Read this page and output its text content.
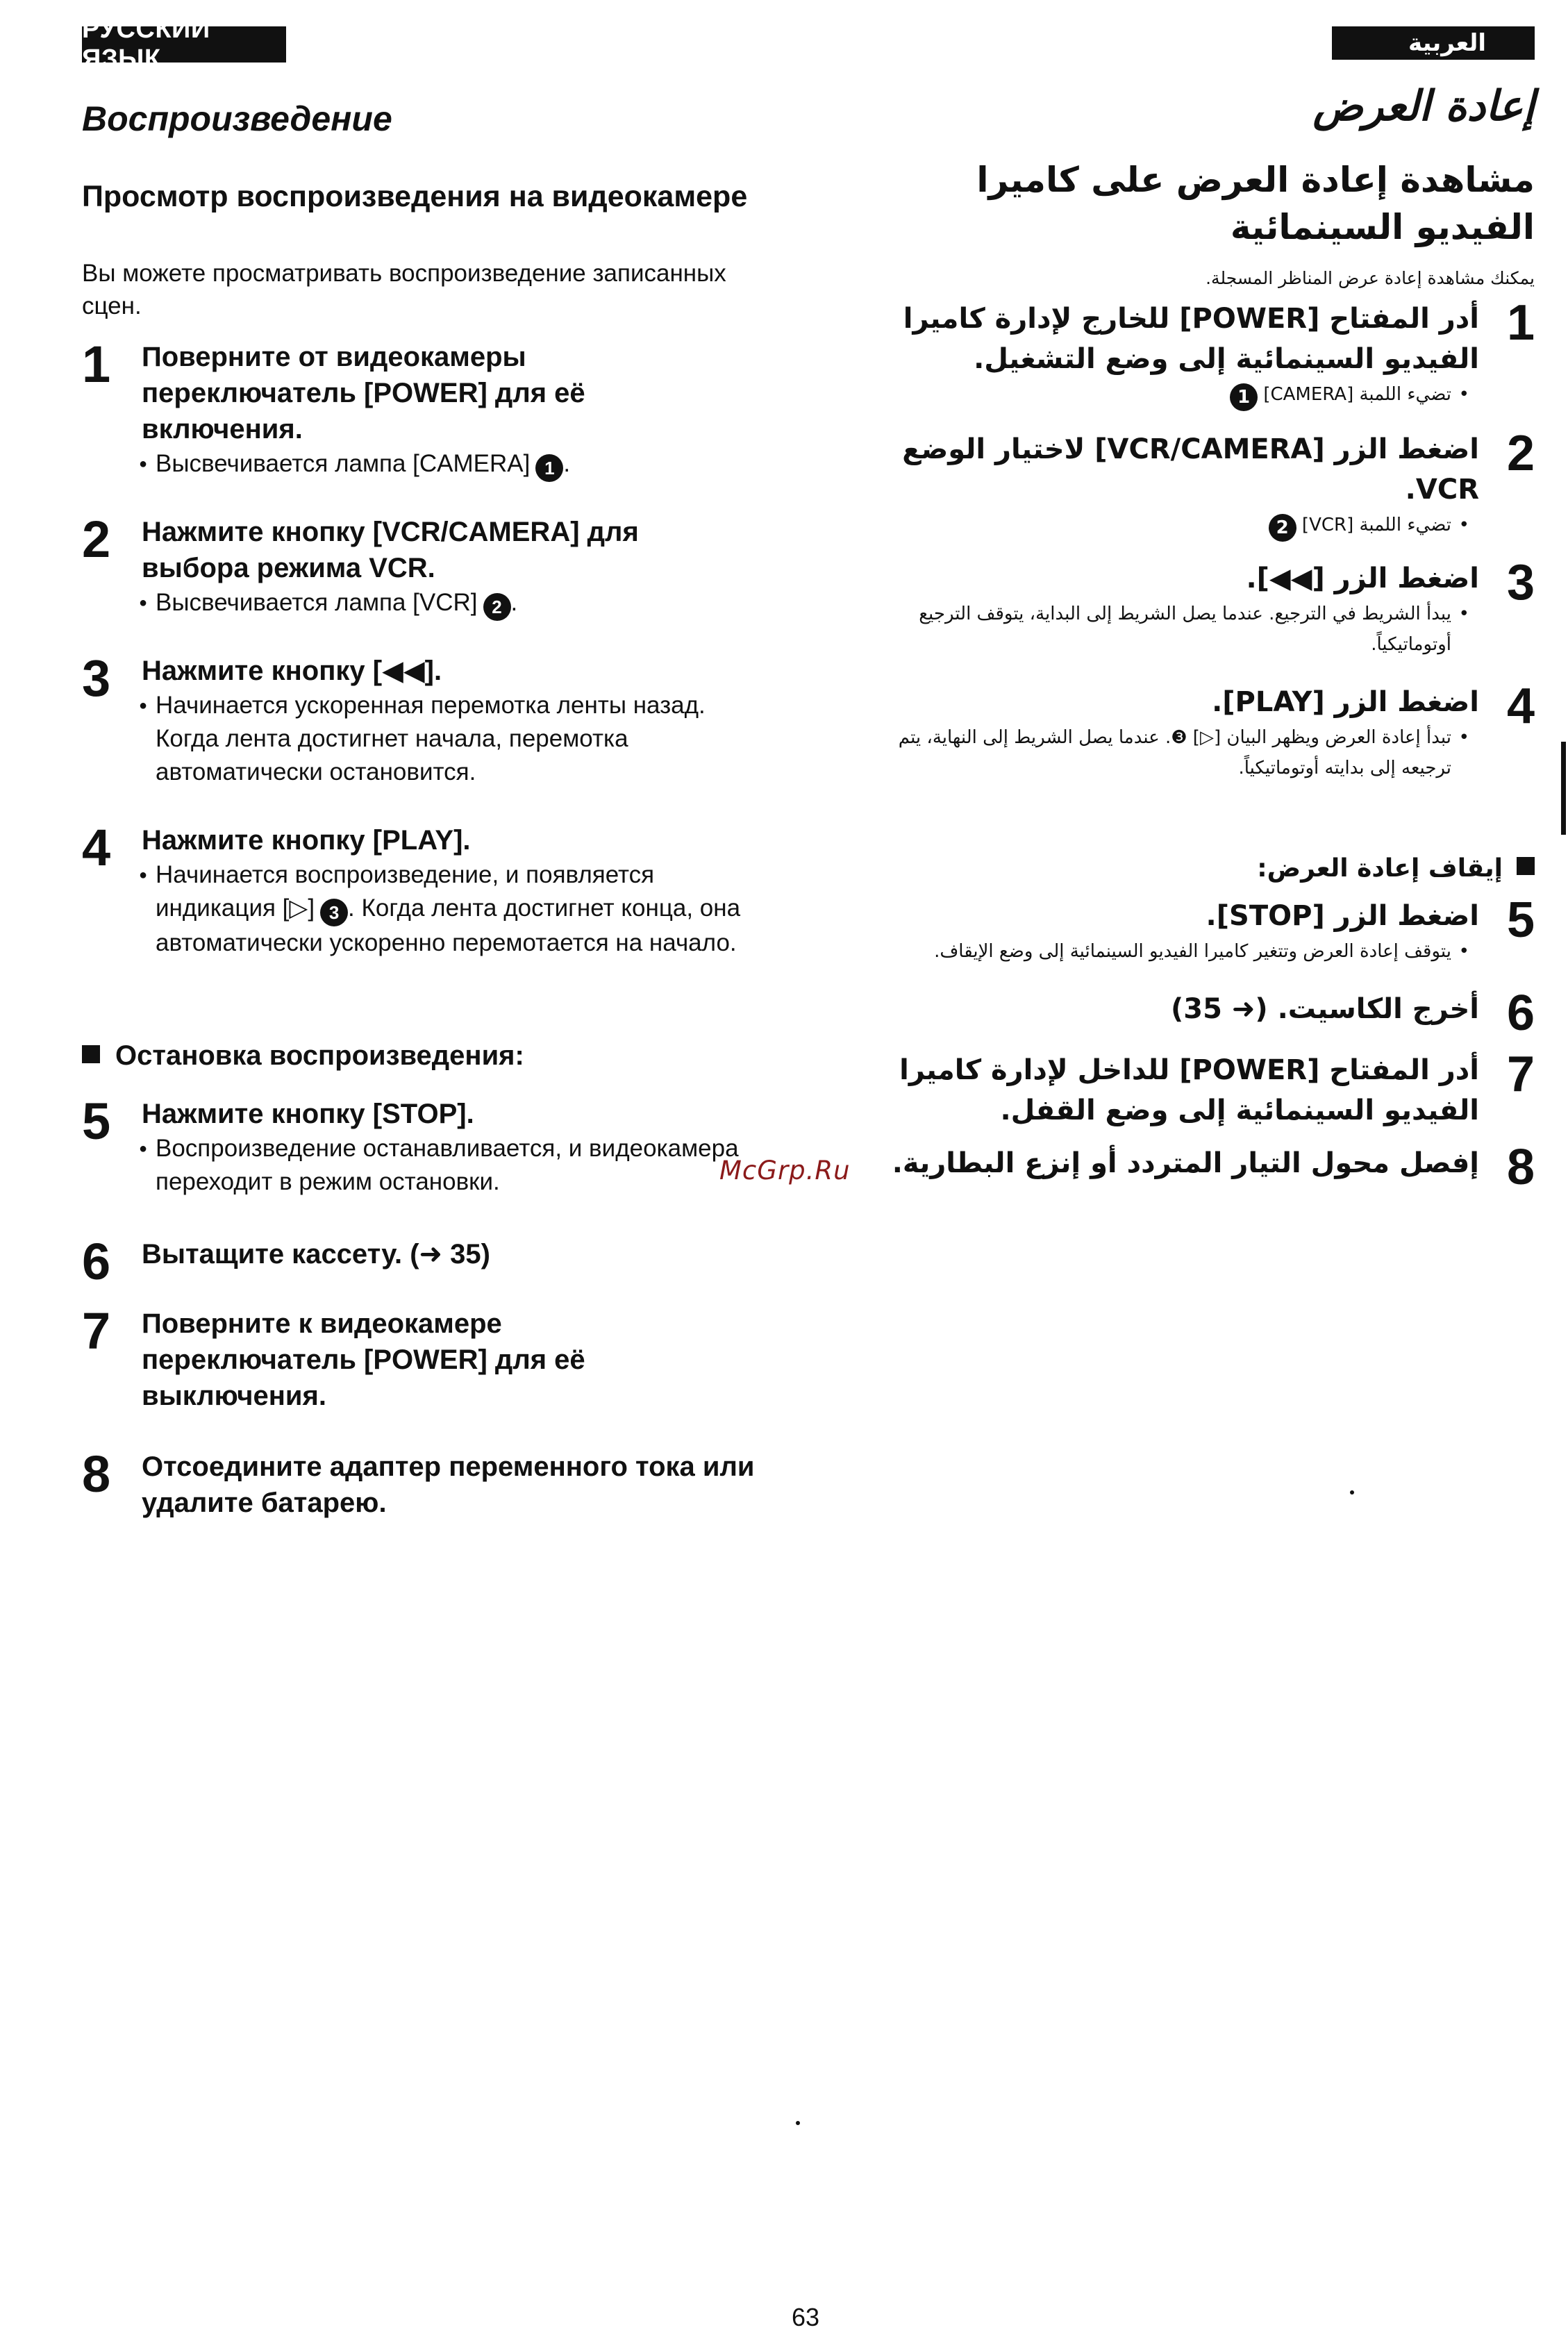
РУССКИЙ ЯЗЫК
العربية
Воспроизведение
Просмотр воспроизведения на видеокамере
Вы можете просматривать воспроизведение записанных сцен.
1 Поверните от видеокамеры переключатель [POWER] для её включения.
● Высвечивается лампа [CAMERA] 1 .
2 Нажмите кнопку [VCR/CAMERA] для выбора режима VCR.
● Высвечивается лампа [VCR] 2 .
3 Нажмите кнопку [◀◀].
● Начинается ускоренная перемотка ленты назад. Когда лента достигнет начала, перемотка автоматически остановится.
4 Нажмите кнопку [PLAY].
● Начинается воспроизведение, и появляется индикация [▷] 3 . Когда лента достигнет конца, она автоматически ускоренно перемотается на начало.
Остановка воспроизведения:
5 Нажмите кнопку [STOP].
● Воспроизведение останавливается, и видеокамера переходит в режим остановки.
6 Вытащите кассету. (➜ 35)
7 Поверните к видеокамере переключатель [POWER] для её выключения.
8 Отсоедините адаптер переменного тока или удалите батарею.
McGrp.Ru
إعادة العرض
مشاهدة إعادة العرض على كاميرا الفيديو السينمائية
يمكنك مشاهدة إعادة عرض المناظر المسجلة.
1
أدر المفتاح [POWER] للخارج لإدارة كاميرا الفيديو السينمائية إلى وضع التشغيل.
• تضيء اللمبة [CAMERA] 1
2
اضغط الزر [VCR/CAMERA] لاختيار الوضع VCR.
• تضيء اللمبة [VCR] 2
3
اضغط الزر [◀◀].
• يبدأ الشريط في الترجيع. عندما يصل الشريط إلى البداية، يتوقف الترجيع أوتوماتيكياً.
4
اضغط الزر [PLAY].
• تبدأ إعادة العرض ويظهر البيان [▷] ❸. عندما يصل الشريط إلى النهاية، يتم ترجيعه إلى بدايته أوتوماتيكياً.
إيقاف إعادة العرض:
5
اضغط الزر [STOP].
• يتوقف إعادة العرض وتتغير كاميرا الفيديو السينمائية إلى وضع الإيقاف.
6
أخرج الكاسيت. (➜ 35)
7
أدر المفتاح [POWER] للداخل لإدارة كاميرا الفيديو السينمائية إلى وضع القفل.
8
إفصل محول التيار المتردد أو إنزع البطارية.
63
